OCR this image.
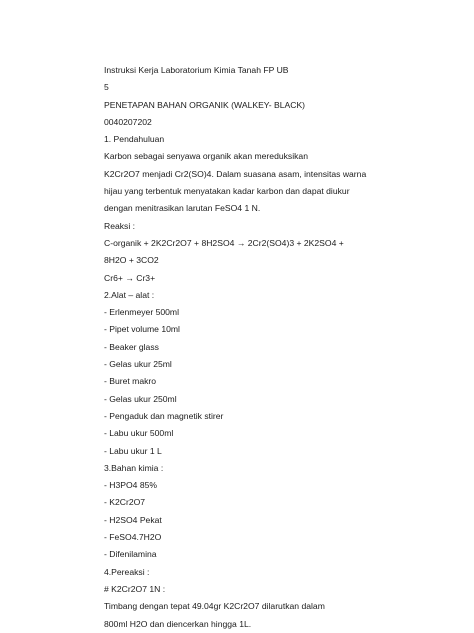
Instruksi Kerja Laboratorium Kimia Tanah FP UB
5
PENETAPAN BAHAN ORGANIK (WALKEY- BLACK)
0040207202
1. Pendahuluan
Karbon sebagai senyawa organik akan mereduksikan
K2Cr2O7 menjadi Cr2(SO)4. Dalam suasana asam, intensitas warna
hijau yang terbentuk menyatakan kadar karbon dan dapat diukur
dengan menitrasikan larutan FeSO4 1 N.
Reaksi :
C-organik + 2K2Cr2O7 + 8H2SO4 → 2Cr2(SO4)3 + 2K2SO4 +
8H2O + 3CO2
Cr6+ → Cr3+
2.Alat – alat :
- Erlenmeyer 500ml
- Pipet volume 10ml
- Beaker glass
- Gelas ukur 25ml
- Buret makro
- Gelas ukur 250ml
- Pengaduk dan magnetik stirer
- Labu ukur 500ml
- Labu ukur 1 L
3.Bahan kimia :
- H3PO4 85%
- K2Cr2O7
- H2SO4 Pekat
- FeSO4.7H2O
- Difenilamina
4.Pereaksi :
# K2Cr2O7 1N :
Timbang dengan tepat 49.04gr K2Cr2O7 dilarutkan dalam
800ml H2O dan diencerkan hingga 1L.
